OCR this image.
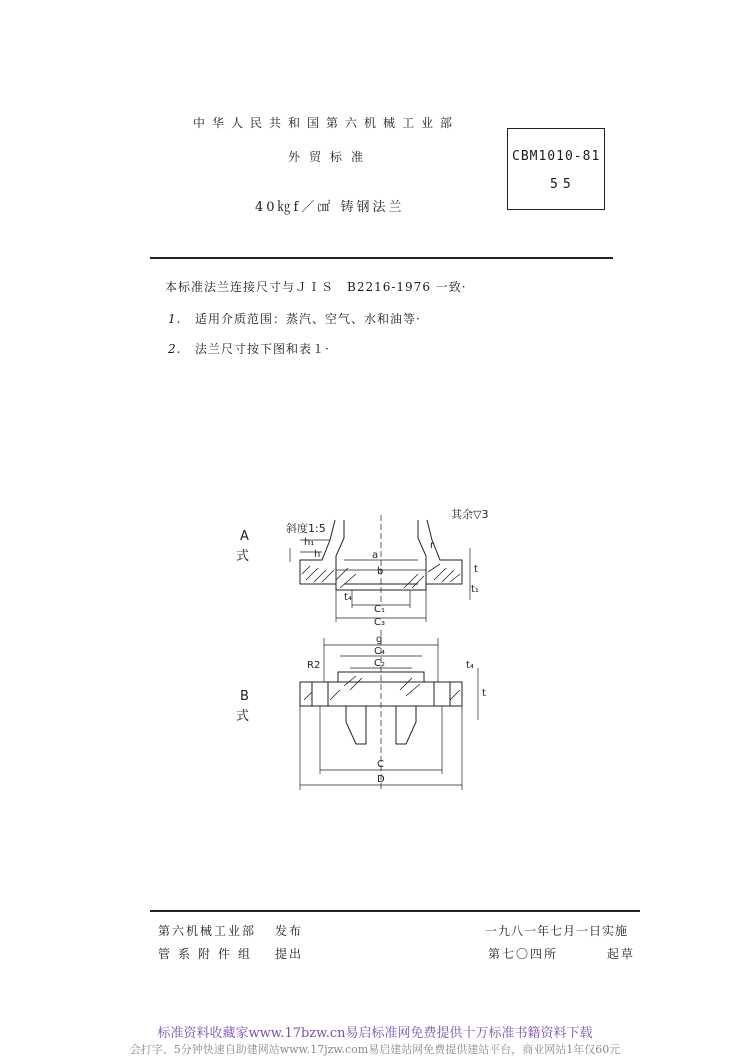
中华人民共和国第六机械工业部
外贸标准
40㎏f／㎠ 铸钢法兰
CBM1010-81
55
本标准法兰连接尺寸与ＪＩＳ　B2216-1976 一致·
1. 适用介质范围：蒸汽、空气、水和油等·
2. 法兰尺寸按下图和表１·
斜度1:5
h₁
h	a
b
r
t
t₁
t₄
C₁
C₃
g
C₄
C₂
R2	t₄
t
C
D
其余▽3
A
式
B
式
第六机械工业部 发布
管系附件组 提出
一九八一年七月一日实施
第七〇四所	起草
标准资料收藏家www.17bzw.cn易启标准网免费提供十万标准书籍资料下载
会打字、5分钟快速自助建网站www.17jzw.com易启建站网免费提供建站平台，商业网站1年仅60元
